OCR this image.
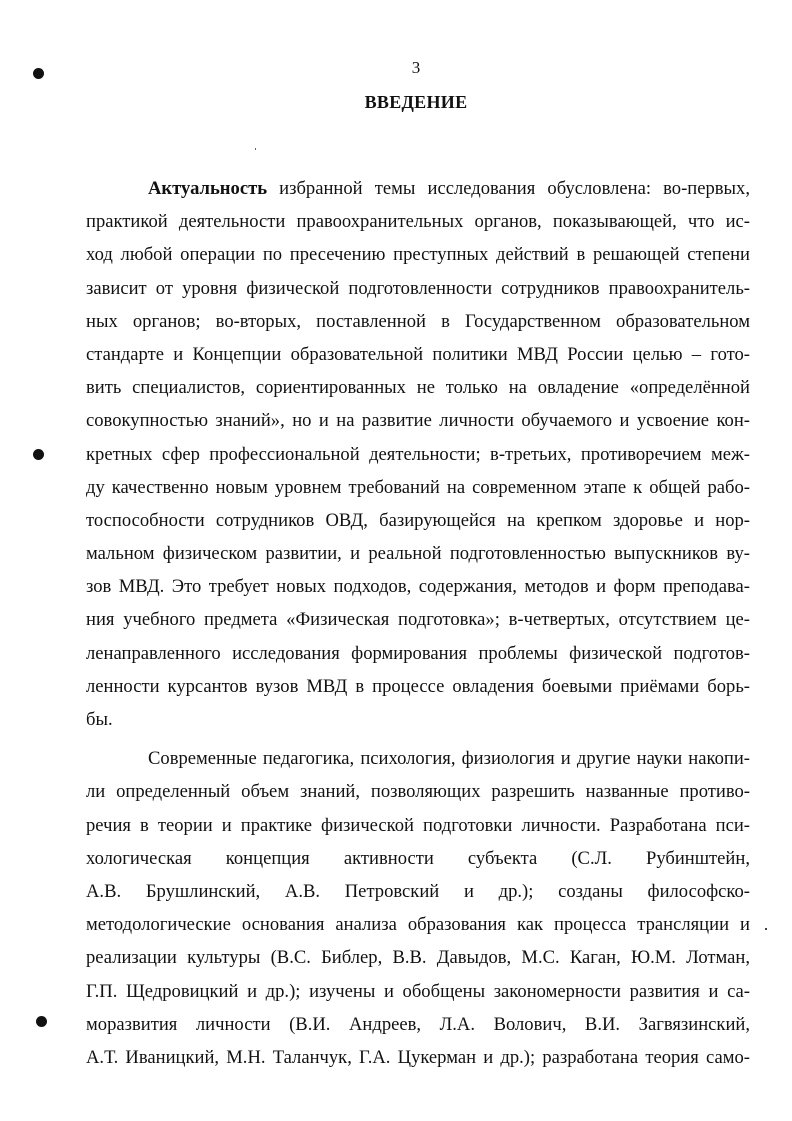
3
ВВЕДЕНИЕ
Актуальность избранной темы исследования обусловлена: во-первых,
практикой деятельности правоохранительных органов, показывающей, что ис-
ход любой операции по пресечению преступных действий в решающей степени
зависит от уровня физической подготовленности сотрудников правоохранитель-
ных органов; во-вторых, поставленной в Государственном образовательном
стандарте и Концепции образовательной политики МВД России целью – гото-
вить специалистов, сориентированных не только на овладение «определённой
совокупностью знаний», но и на развитие личности обучаемого и усвоение кон-
кретных сфер профессиональной деятельности; в-третьих, противоречием меж-
ду качественно новым уровнем требований на современном этапе к общей рабо-
тоспособности сотрудников ОВД, базирующейся на крепком здоровье и нор-
мальном физическом развитии, и реальной подготовленностью выпускников ву-
зов МВД. Это требует новых подходов, содержания, методов и форм преподава-
ния учебного предмета «Физическая подготовка»; в-четвертых, отсутствием це-
ленаправленного исследования формирования проблемы физической подготов-
ленности курсантов вузов МВД в процессе овладения боевыми приёмами борь-
бы.
Современные педагогика, психология, физиология и другие науки накопи-
ли определенный объем знаний, позволяющих разрешить названные противо-
речия в теории и практике физической подготовки личности. Разработана пси-
хологическая концепция активности субъекта (С.Л. Рубинштейн,
А.В. Брушлинский, А.В. Петровский и др.); созданы философско-
методологические основания анализа образования как процесса трансляции и
реализации культуры (В.С. Библер, В.В. Давыдов, М.С. Каган, Ю.М. Лотман,
Г.П. Щедровицкий и др.); изучены и обобщены закономерности развития и са-
моразвития личности (В.И. Андреев, Л.А. Волович, В.И. Загвязинский,
А.Т. Иваницкий, М.Н. Таланчук, Г.А. Цукерман и др.); разработана теория само-
